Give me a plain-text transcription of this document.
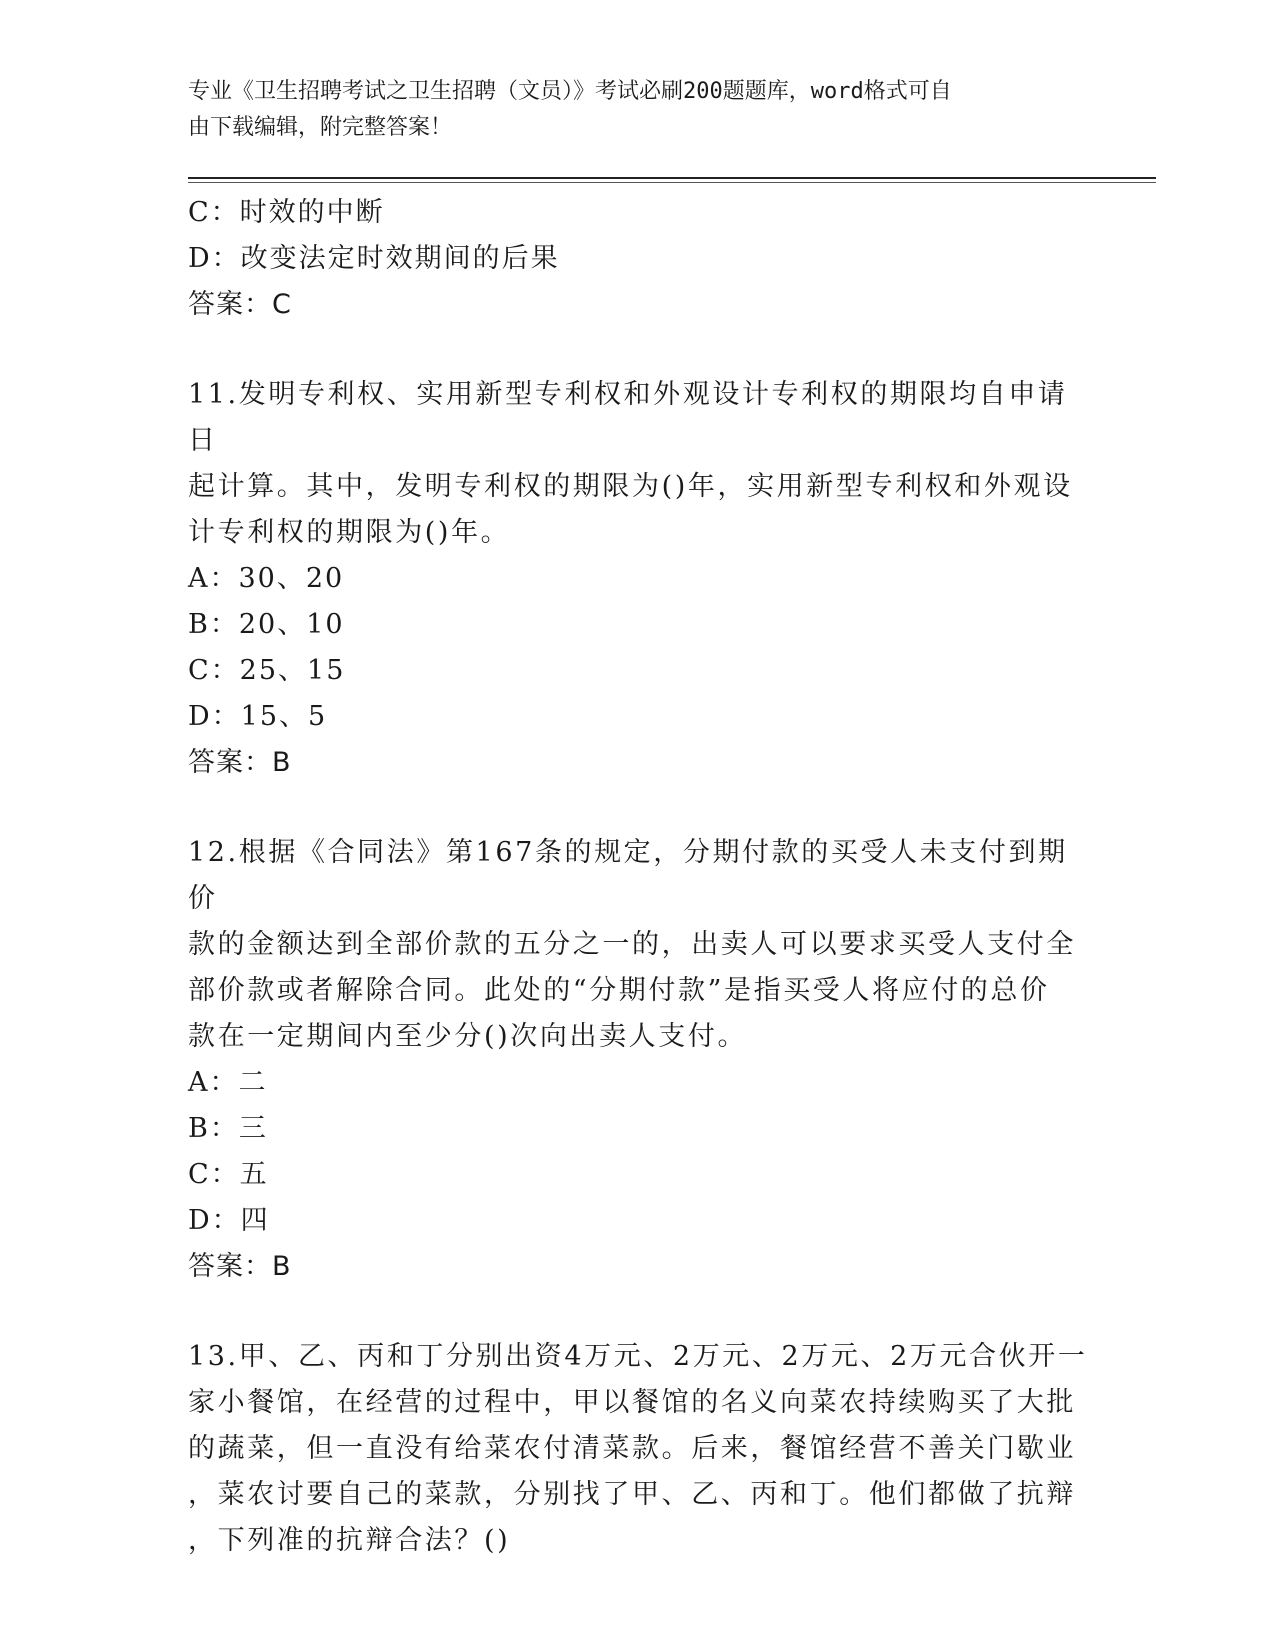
专业《卫生招聘考试之卫生招聘（文员）》考试必刷200题题库，word格式可自
由下载编辑，附完整答案！
C：时效的中断
D：改变法定时效期间的后果
答案：C
11.发明专利权、实用新型专利权和外观设计专利权的期限均自申请日
起计算。其中，发明专利权的期限为()年，实用新型专利权和外观设
计专利权的期限为()年。
A：30、20
B：20、10
C：25、15
D：15、5
答案：B
12.根据《合同法》第167条的规定，分期付款的买受人未支付到期价
款的金额达到全部价款的五分之一的，出卖人可以要求买受人支付全
部价款或者解除合同。此处的“分期付款”是指买受人将应付的总价
款在一定期间内至少分()次向出卖人支付。
A：二
B：三
C：五
D：四
答案：B
13.甲、乙、丙和丁分别出资4万元、2万元、2万元、2万元合伙开一
家小餐馆，在经营的过程中，甲以餐馆的名义向菜农持续购买了大批
的蔬菜，但一直没有给菜农付清菜款。后来，餐馆经营不善关门歇业
，菜农讨要自己的菜款，分别找了甲、乙、丙和丁。他们都做了抗辩
，下列准的抗辩合法？()
